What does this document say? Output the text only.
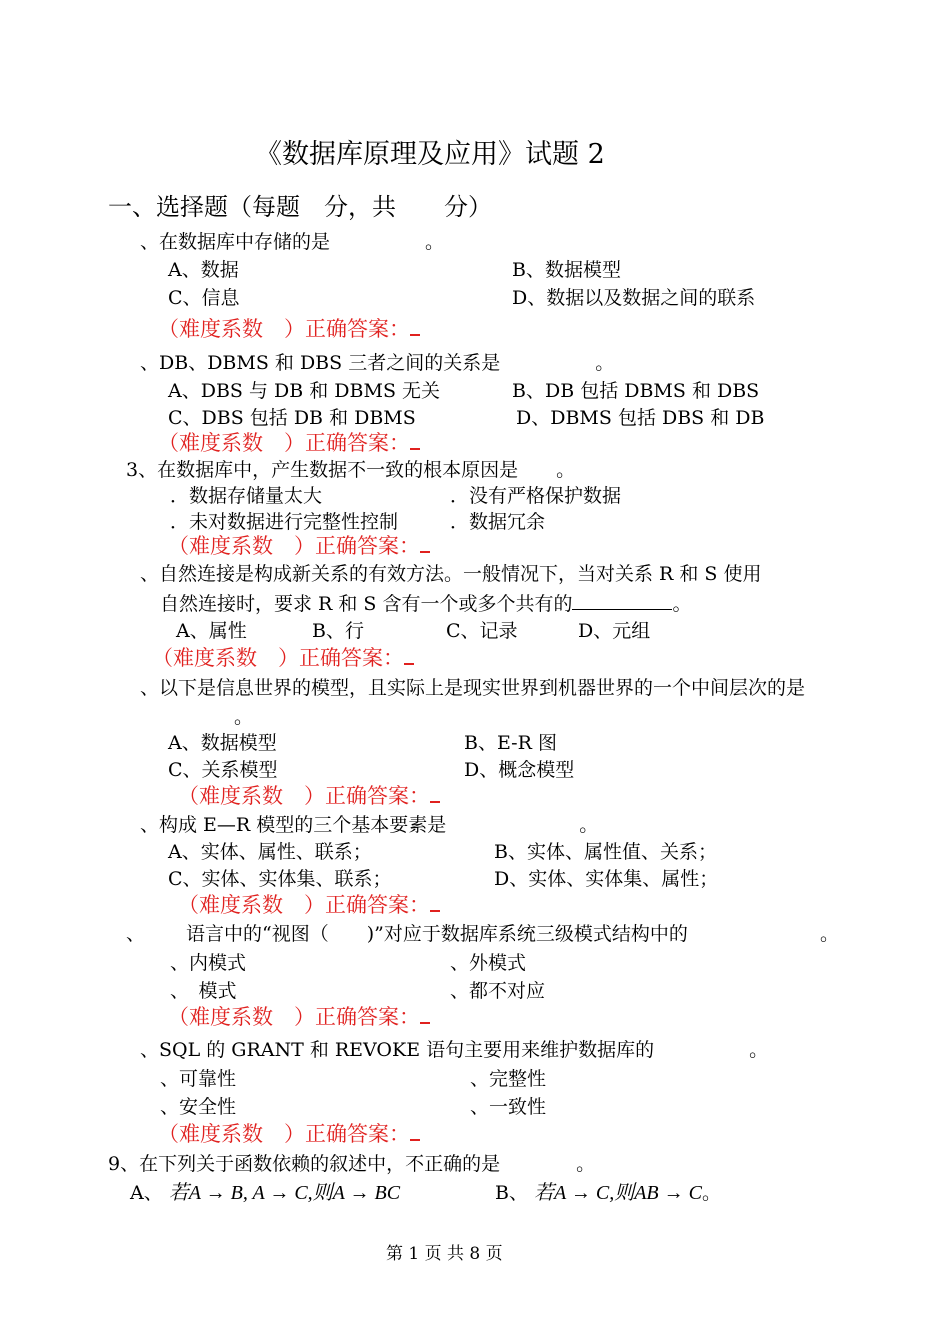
《数据库原理及应用》试题 2
一、选择题（每题　分，共　　分）
、在数据库中存储的是　　　　　。
A、数据	B、数据模型
C、信息	D、数据以及数据之间的联系
（难度系数　）正确答案：
、DB、DBMS 和 DBS 三者之间的关系是　　　　　。
A、DBS 与 DB 和 DBMS 无关	B、DB 包括 DBMS 和 DBS
C、DBS 包括 DB 和 DBMS	D、DBMS 包括 DBS 和 DB
（难度系数　）正确答案：
3、在数据库中，产生数据不一致的根本原因是　　。
．数据存储量太大	．没有严格保护数据
．未对数据进行完整性控制	．数据冗余
（难度系数　）正确答案：
、自然连接是构成新关系的有效方法。一般情况下，当对关系 R 和 S 使用
自然连接时，要求 R 和 S 含有一个或多个共有的	。
A、属性	B、行	C、记录	D、元组
（难度系数　）正确答案：
、以下是信息世界的模型，且实际上是现实世界到机器世界的一个中间层次的是
。
A、数据模型	B、E-R 图
C、关系模型	D、概念模型
（难度系数　）正确答案：
、构成 E—R 模型的三个基本要素是　　　　　　　。
A、实体、属性、联系；	B、实体、属性值、关系；
C、实体、实体集、联系；	D、实体、实体集、属性；
（难度系数　）正确答案：
、 语言中的“视图（　　)”对应于数据库系统三级模式结构中的	。
、内模式	、外模式
、　模式	、都不对应
（难度系数　）正确答案：
、SQL 的 GRANT 和 REVOKE 语句主要用来维护数据库的　　　　　。
、可靠性	、完整性
、安全性	、一致性
（难度系数　）正确答案：
9、在下列关于函数依赖的叙述中，不正确的是　　　　。
A、 若A → B, A → C,则A → BC	B、 若A → C,则AB → C。
第 1 页 共 8 页
